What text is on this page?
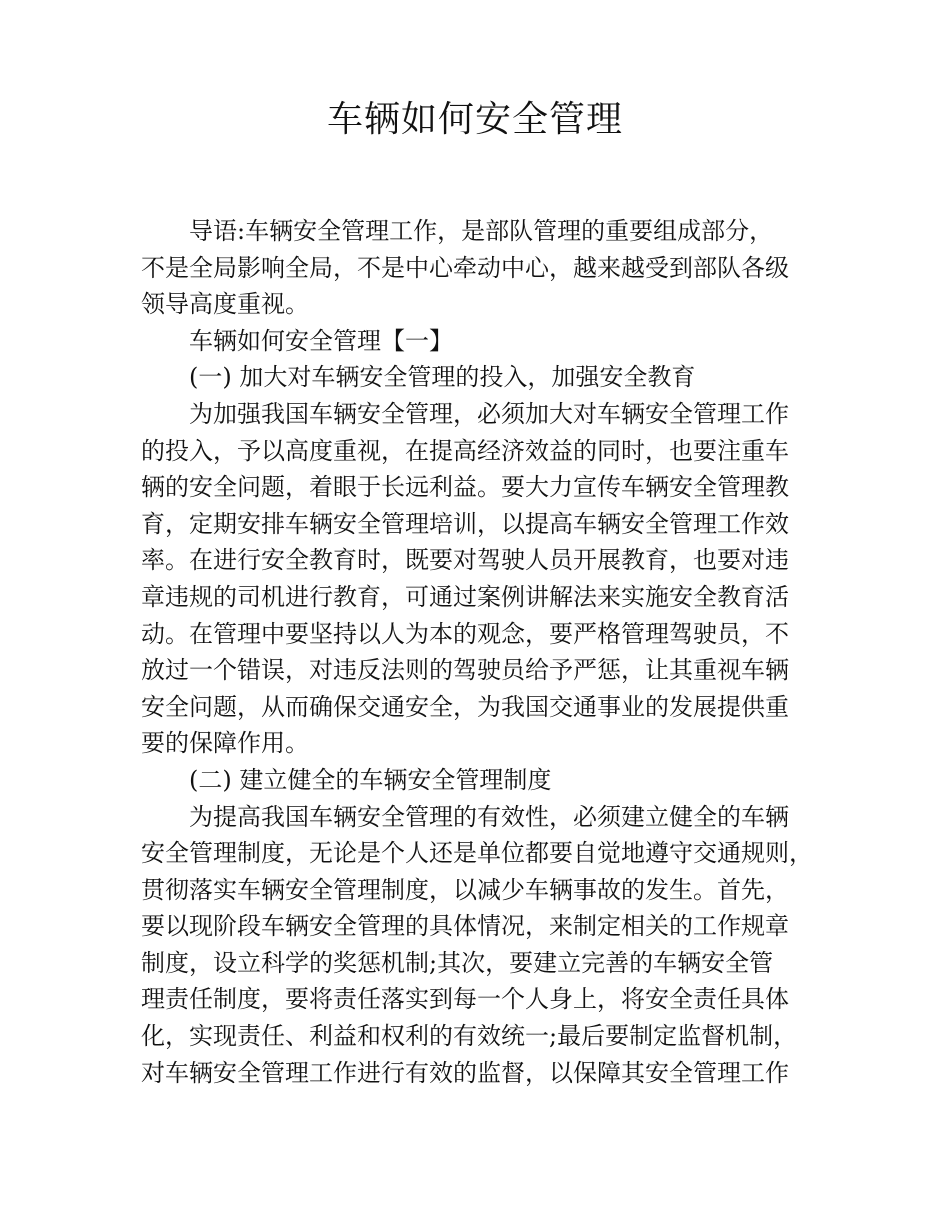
车辆如何安全管理
导语:车辆安全管理工作，是部队管理的重要组成部分，
不是全局影响全局，不是中心牵动中心，越来越受到部队各级
领导高度重视。
车辆如何安全管理【一】
(一) 加大对车辆安全管理的投入，加强安全教育
为加强我国车辆安全管理，必须加大对车辆安全管理工作
的投入，予以高度重视，在提高经济效益的同时，也要注重车
辆的安全问题，着眼于长远利益。要大力宣传车辆安全管理教
育，定期安排车辆安全管理培训，以提高车辆安全管理工作效
率。在进行安全教育时，既要对驾驶人员开展教育，也要对违
章违规的司机进行教育，可通过案例讲解法来实施安全教育活
动。在管理中要坚持以人为本的观念，要严格管理驾驶员，不
放过一个错误，对违反法则的驾驶员给予严惩，让其重视车辆
安全问题，从而确保交通安全，为我国交通事业的发展提供重
要的保障作用。
(二) 建立健全的车辆安全管理制度
为提高我国车辆安全管理的有效性，必须建立健全的车辆
安全管理制度，无论是个人还是单位都要自觉地遵守交通规则，
贯彻落实车辆安全管理制度，以减少车辆事故的发生。首先，
要以现阶段车辆安全管理的具体情况，来制定相关的工作规章
制度，设立科学的奖惩机制;其次，要建立完善的车辆安全管
理责任制度，要将责任落实到每一个人身上，将安全责任具体
化，实现责任、利益和权利的有效统一;最后要制定监督机制，
对车辆安全管理工作进行有效的监督，以保障其安全管理工作
